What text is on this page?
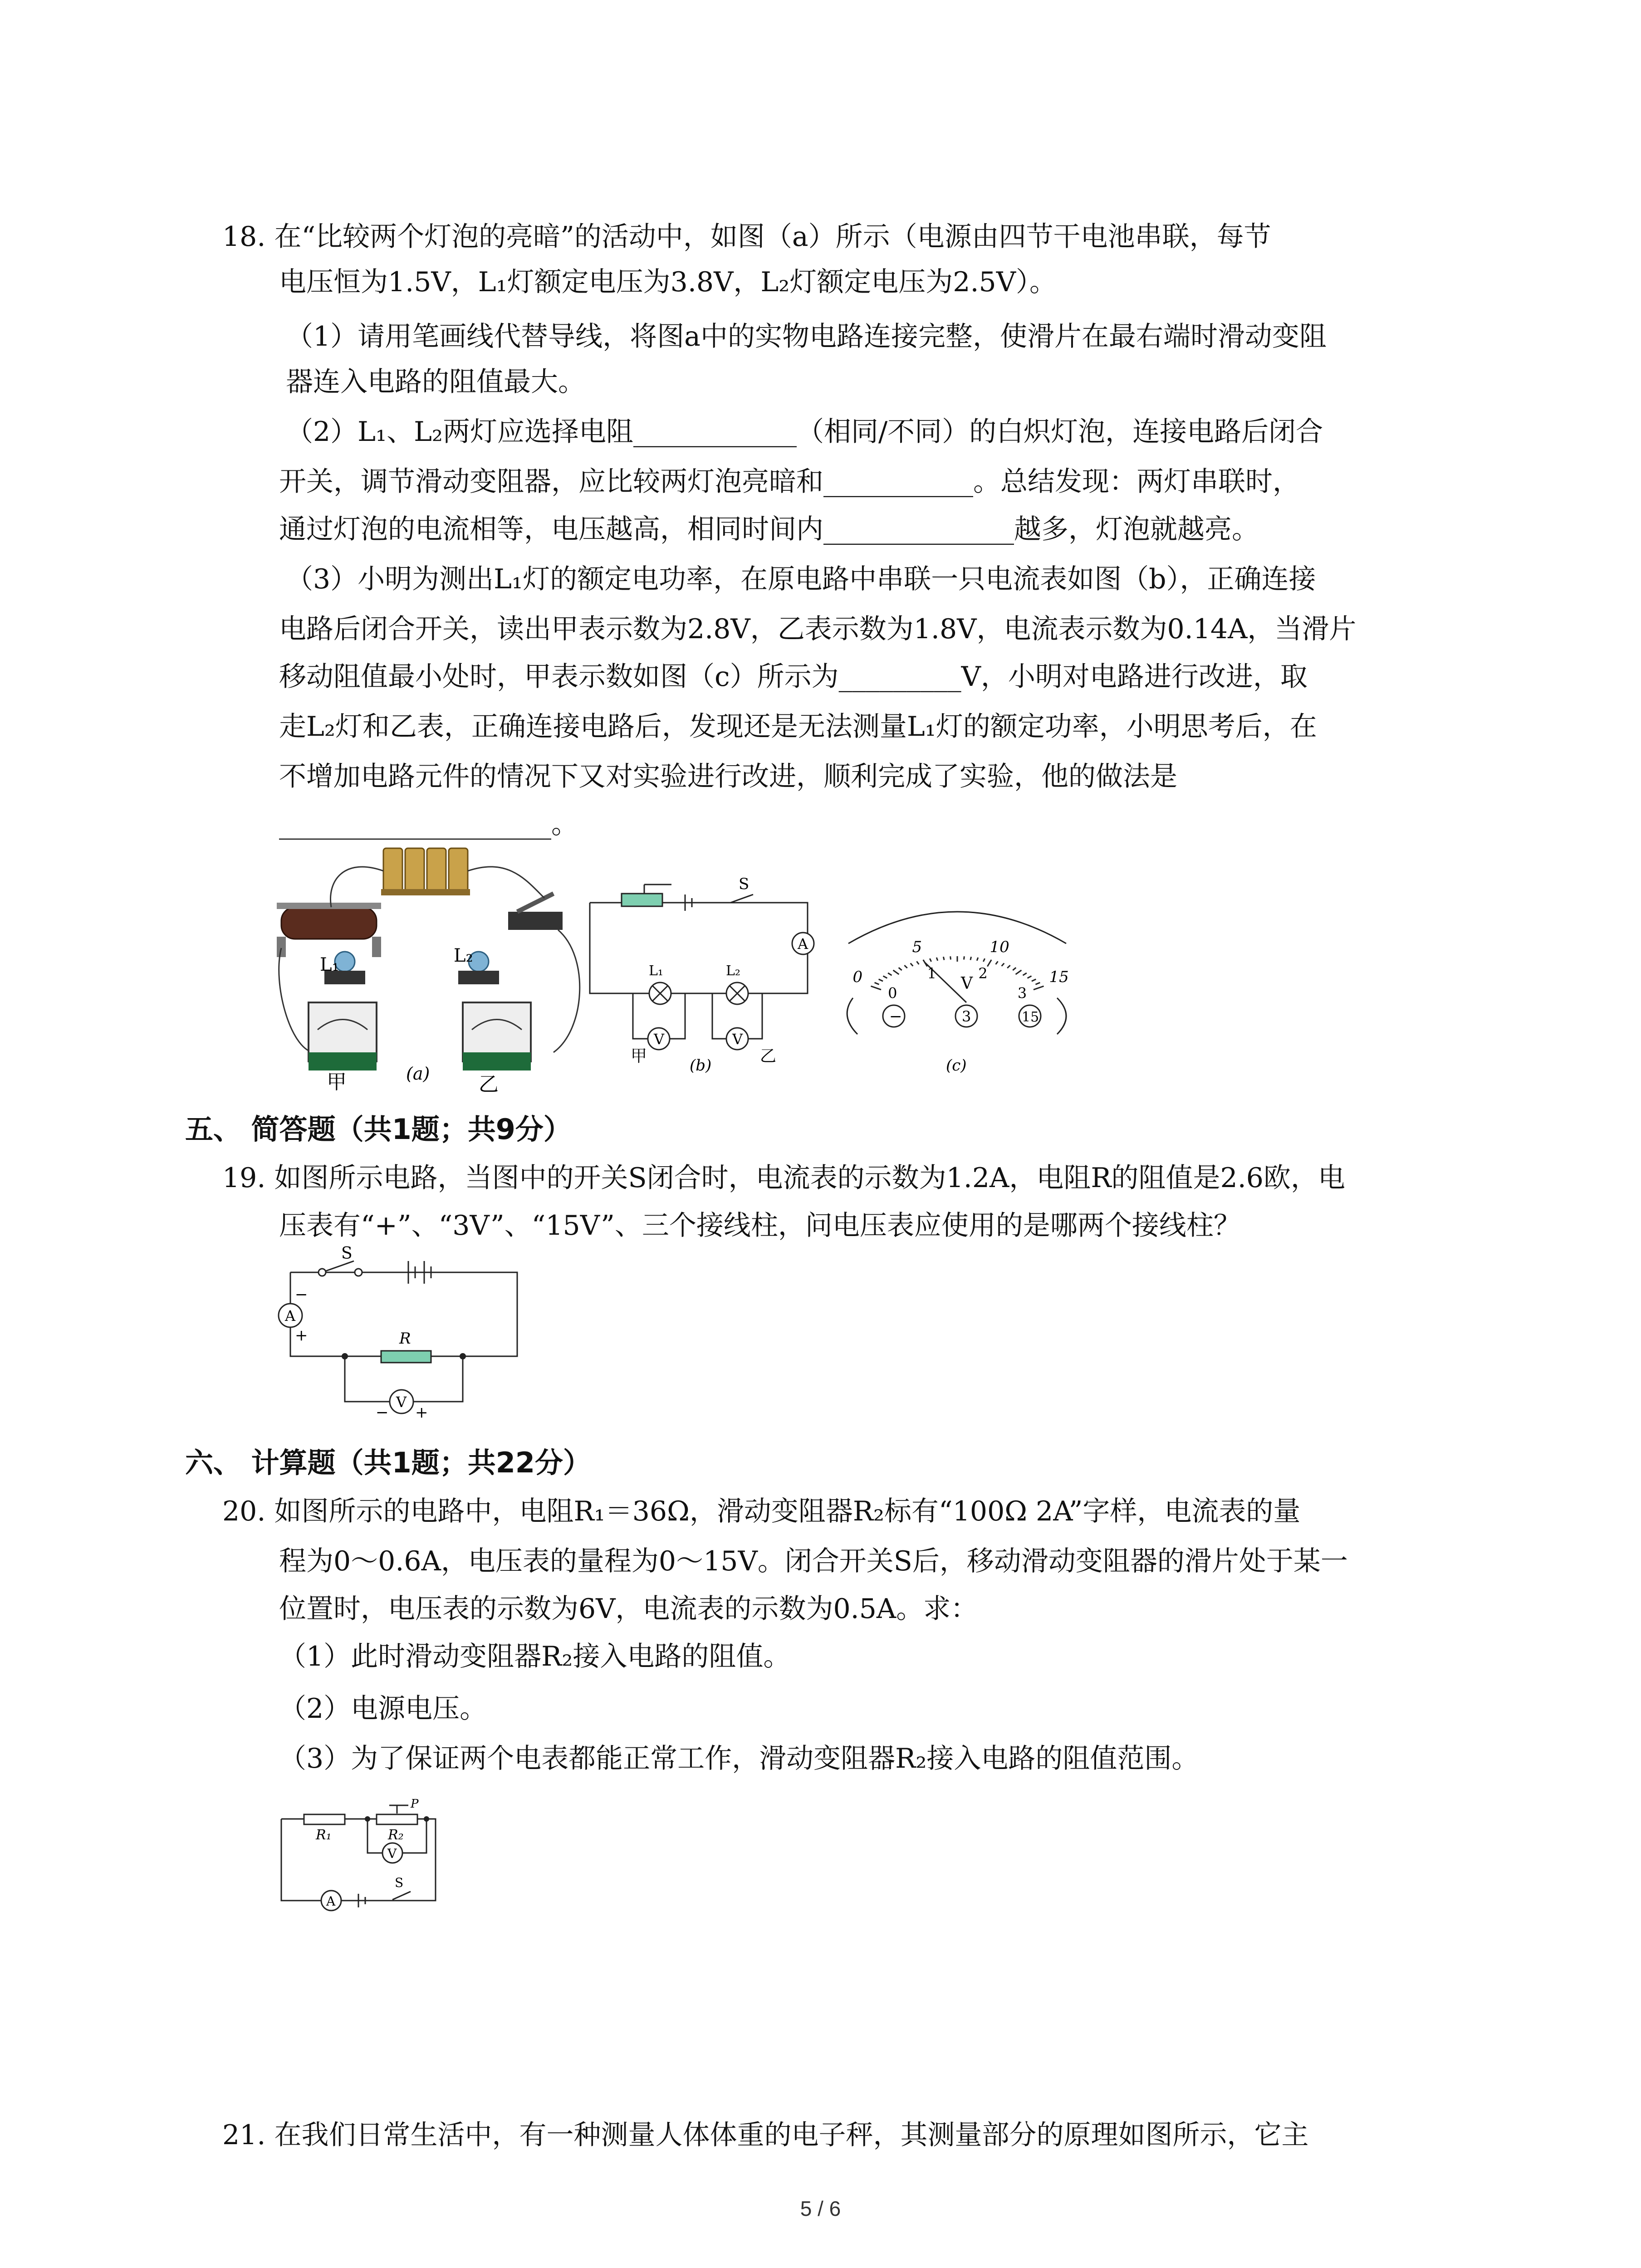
18. 在“比较两个灯泡的亮暗”的活动中，如图（a）所示（电源由四节干电池串联，每节
电压恒为1.5V，L₁灯额定电压为3.8V，L₂灯额定电压为2.5V）。
（1）请用笔画线代替导线，将图a中的实物电路连接完整，使滑片在最右端时滑动变阻
器连入电路的阻值最大。
（2）L₁、L₂两灯应选择电阻____________（相同/不同）的白炽灯泡，连接电路后闭合
开关，调节滑动变阻器，应比较两灯泡亮暗和___________。总结发现：两灯串联时，
通过灯泡的电流相等，电压越高，相同时间内______________越多，灯泡就越亮。
（3）小明为测出L₁灯的额定电功率，在原电路中串联一只电流表如图（b），正确连接
电路后闭合开关，读出甲表示数为2.8V，乙表示数为1.8V，电流表示数为0.14A，当滑片
移动阻值最小处时，甲表示数如图（c）所示为_________V，小明对电路进行改进，取
走L₂灯和乙表，正确连接电路后，发现还是无法测量L₁灯的额定功率，小明思考后，在
不增加电路元件的情况下又对实验进行改进，顺利完成了实验，他的做法是
____________________。
19. 如图所示电路，当图中的开关S闭合时，电流表的示数为1.2A，电阻R的阻值是2.6欧，电
压表有“+”、“3V”、“15V”、三个接线柱，问电压表应使用的是哪两个接线柱？
20. 如图所示的电路中，电阻R₁＝36Ω，滑动变阻器R₂标有“100Ω 2A”字样，电流表的量
程为0～0.6A，电压表的量程为0～15V。闭合开关S后，移动滑动变阻器的滑片处于某一
位置时，电压表的示数为6V，电流表的示数为0.5A。求：
（1）此时滑动变阻器R₂接入电路的阻值。
（2）电源电压。
（3）为了保证两个电表都能正常工作，滑动变阻器R₂接入电路的阻值范围。
21. 在我们日常生活中，有一种测量人体体重的电子秤，其测量部分的原理如图所示，它主
五、 简答题（共1题；共9分）
六、 计算题（共1题；共22分）
L₁	L₂
甲	乙
(a)
S
A
L₁	L₂
V	V
甲	乙
(b)
V
−	3	15
(c)
0
5	10
15
0
1	2
3
S
A
−
+	R
V
− +
R₁	R₂
P
V
A
S
5 / 6
